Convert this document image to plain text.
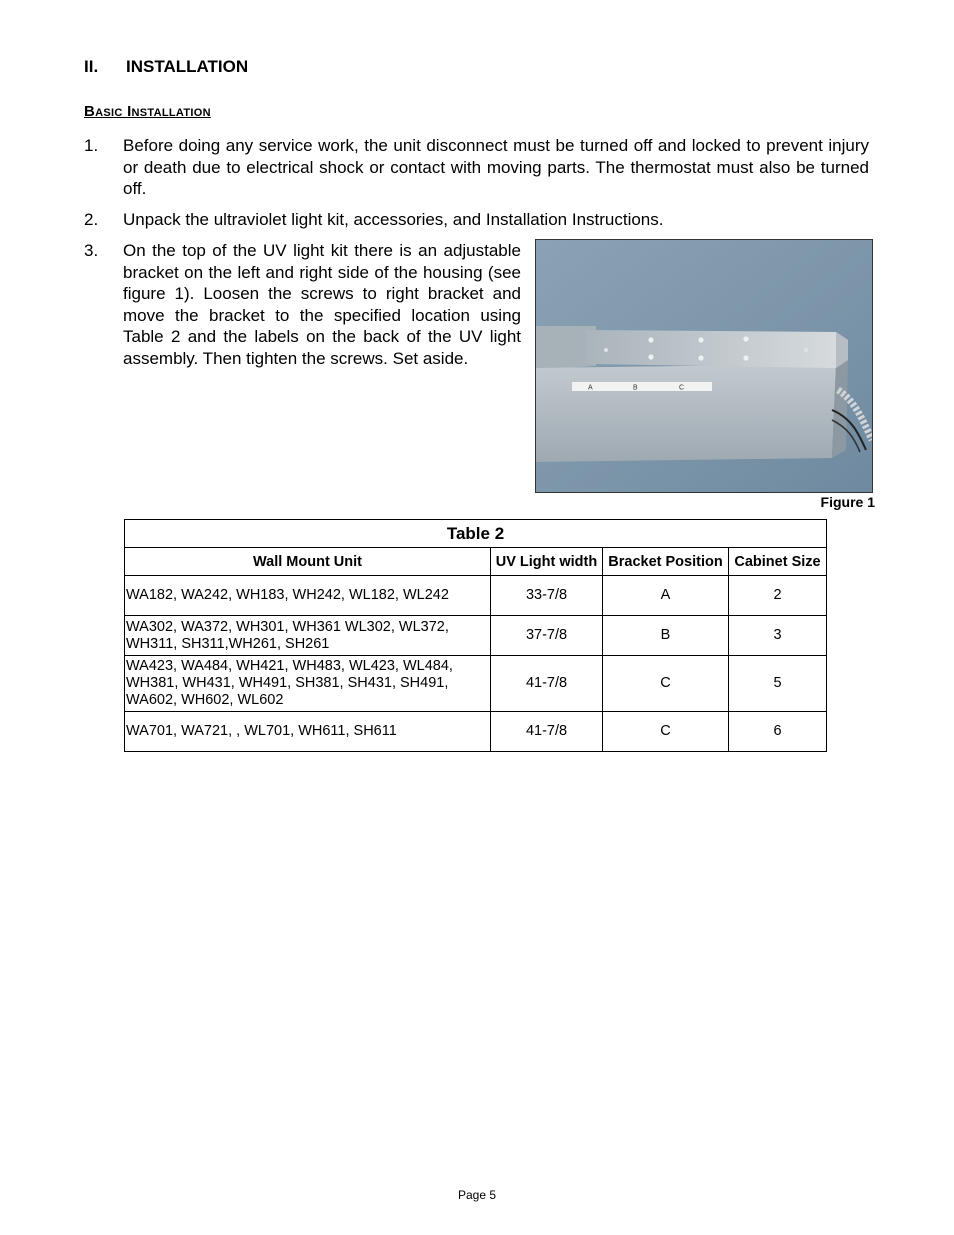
II. INSTALLATION
Basic Installation
1.	Before doing any service work, the unit disconnect must be turned off and locked to prevent injury or death due to electrical shock or contact with moving parts. The thermostat must also be turned off.
2.	Unpack the ultraviolet light kit, accessories, and Installation Instructions.
3.	On the top of the UV light kit there is an adjustable bracket on the left and right side of the housing (see figure 1). Loosen the screws to right bracket and move the bracket to the specified location using Table 2 and the labels on the back of the UV light assembly. Then tighten the screws. Set aside.
A	B	C
Figure 1
Table 2			
Wall Mount Unit	UV Light width	Bracket Position	Cabinet Size
WA182, WA242, WH183, WH242, WL182, WL242	33-7/8	A	2
WA302, WA372, WH301, WH361 WL302, WL372, WH311, SH311,WH261, SH261	37-7/8	B	3
WA423, WA484, WH421, WH483, WL423, WL484, WH381, WH431, WH491, SH381, SH431, SH491, WA602, WH602, WL602	41-7/8	C	5
WA701, WA721, , WL701, WH611, SH611	41-7/8	C	6
Page 5
